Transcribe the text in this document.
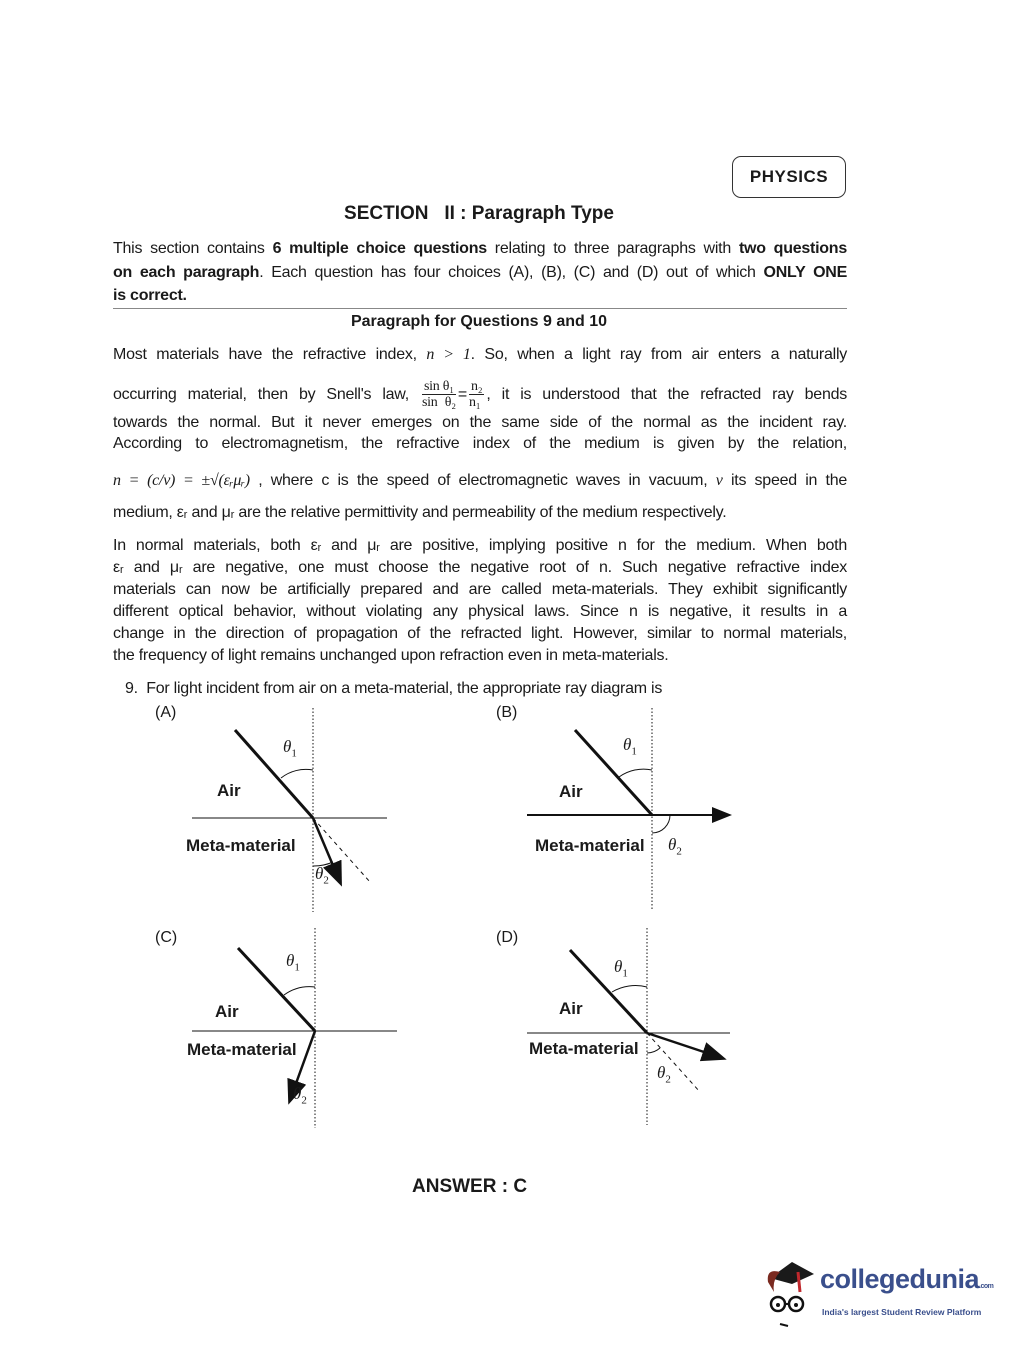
PHYSICS
SECTION   II : Paragraph Type
This section contains 6 multiple choice questions relating to three paragraphs with two questions
on each paragraph. Each question has four choices (A), (B), (C) and (D) out of which ONLY ONE
is correct.
Paragraph for Questions 9 and 10
Most materials have the refractive index, n > 1. So, when a light ray from air enters a naturally
occurring material, then by Snell's law, $\frac{\text{sin θ₁}}{\text{sin θ₂}} = \frac{\text{n₂}}{\text{n₁}}$ , it is understood that the refracted ray bends
towards the normal. But it never emerges on the same side of the normal as the incident ray.
According to electromagnetism, the refractive index of the medium is given by the relation,
n = (c/v) = ±√(εᵣμᵣ) , where c is the speed of electromagnetic waves in vacuum, v its speed in the
medium, εᵣ and μᵣ are the relative permittivity and permeability of the medium respectively.
In normal materials, both εᵣ and μᵣ are positive, implying positive n for the medium. When both
εᵣ and μᵣ are negative, one must choose the negative root of n. Such negative refractive index
materials can now be artificially prepared and are called meta-materials. They exhibit significantly
different optical behavior, without violating any physical laws. Since n is negative, it results in a
change in the direction of propagation of the refracted light. However, similar to normal materials,
the frequency of light remains unchanged upon refraction even in meta-materials.
9. For light incident from air on a meta-material, the appropriate ray diagram is
(A)
Air
Meta-material
$\theta_1$
$\theta_2$
(B)
Air
Meta-material
$\theta_1$
$\theta_2$
(C)
Air
Meta-material
$\theta_1$
$\theta_2$
(D)
Air
Meta-material
$\theta_1$
$\theta_2$
ANSWER : C
collegedunia.com
India's largest Student Review Platform
